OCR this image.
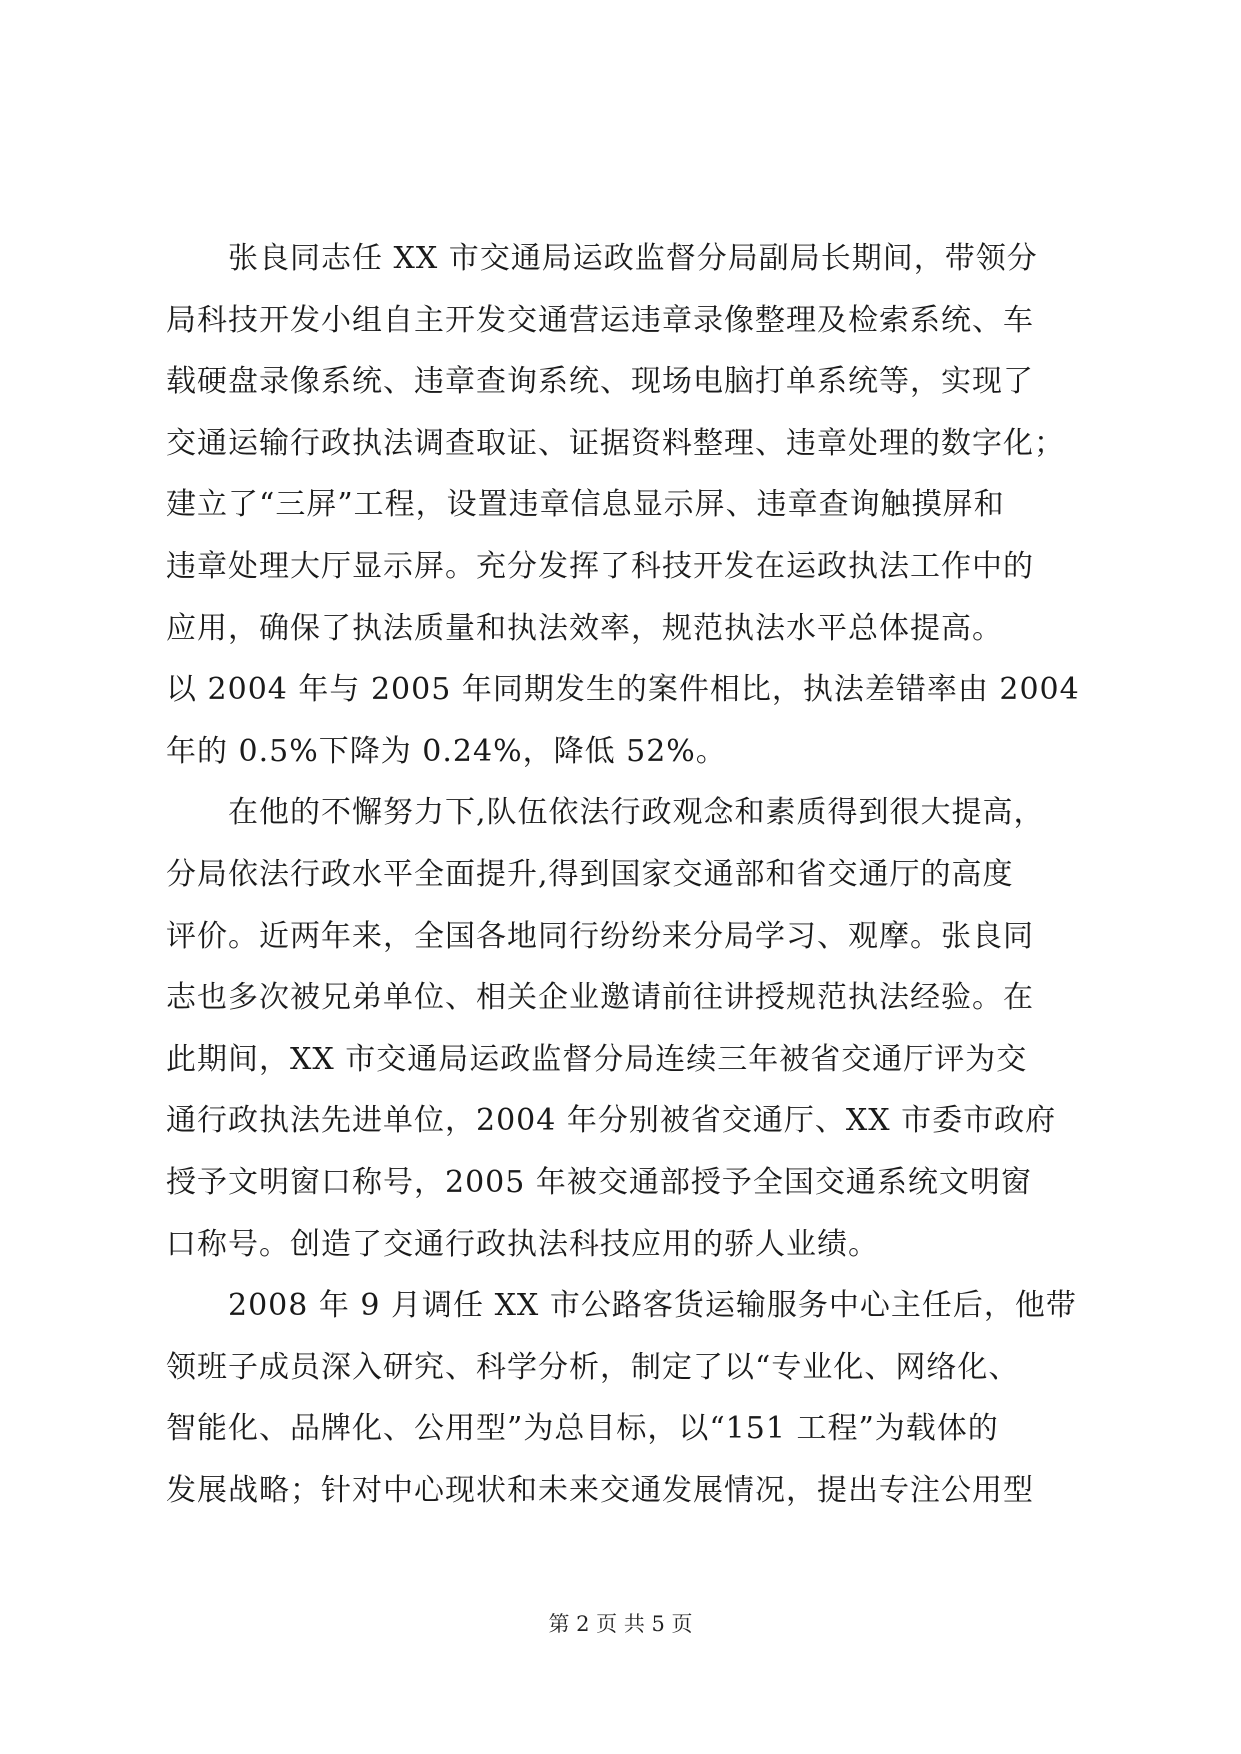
　　张良同志任 XX 市交通局运政监督分局副局长期间，带领分
局科技开发小组自主开发交通营运违章录像整理及检索系统、车
载硬盘录像系统、违章查询系统、现场电脑打单系统等，实现了
交通运输行政执法调查取证、证据资料整理、违章处理的数字化；
建立了“三屏”工程，设置违章信息显示屏、违章查询触摸屏和
违章处理大厅显示屏。充分发挥了科技开发在运政执法工作中的
应用，确保了执法质量和执法效率，规范执法水平总体提高。
以 2004 年与 2005 年同期发生的案件相比，执法差错率由 2004
年的 0.5%下降为 0.24%，降低 52%。

　　在他的不懈努力下,队伍依法行政观念和素质得到很大提高，
分局依法行政水平全面提升,得到国家交通部和省交通厅的高度
评价。近两年来，全国各地同行纷纷来分局学习、观摩。张良同
志也多次被兄弟单位、相关企业邀请前往讲授规范执法经验。在
此期间，XX 市交通局运政监督分局连续三年被省交通厅评为交
通行政执法先进单位，2004 年分别被省交通厅、XX 市委市政府
授予文明窗口称号，2005 年被交通部授予全国交通系统文明窗
口称号。创造了交通行政执法科技应用的骄人业绩。

　　2008 年 9 月调任 XX 市公路客货运输服务中心主任后，他带
领班子成员深入研究、科学分析，制定了以“专业化、网络化、
智能化、品牌化、公用型”为总目标，以“151 工程”为载体的
发展战略；针对中心现状和未来交通发展情况，提出专注公用型

第 2 页 共 5 页
